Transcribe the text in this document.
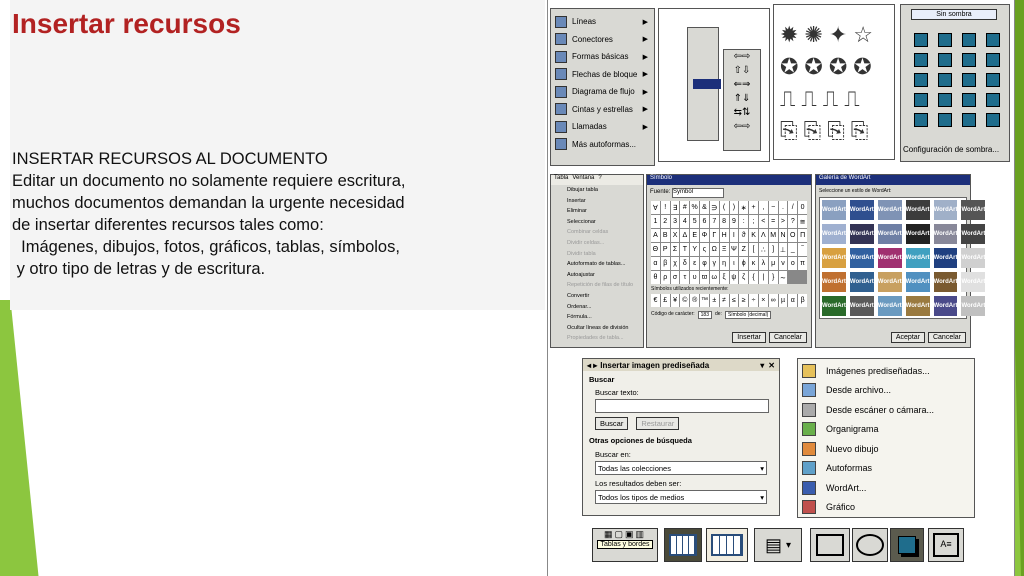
Insertar recursos
INSERTAR RECURSOS AL DOCUMENTO
Editar un documento no solamente requiere escritura,
muchos documentos demandan la urgente necesidad
de insertar diferentes recursos tales como:
Imágenes, dibujos, fotos, gráficos, tablas, símbolos,
y otro tipo de letras y de escritura.
Líneas	▶
Conectores	▶
Formas básicas ▶
Flechas de bloque ▶
Diagrama de flujo ▶
Cintas y estrellas ▶
Llamadas	▶
Más autoformas...
⇦⇨
⇧⇩
⇐⇒
⇑⇓
⇆⇅
⇦⇨
✹✺✦☆
✪✪✪✪
⎍⎍⎍⎍
⎘⎘⎘⎘
Sin sombra

Configuración de sombra...
Tabla Ventana ?
Dibujar tabla
Insertar
Eliminar
Seleccionar
Combinar celdas
Dividir celdas...
Dividir tabla
Autoformato de tablas...
Autoajustar
Repetición de filas de título
Convertir
Ordenar...
Fórmula...
Ocultar líneas de división
Propiedades de tabla...
Símbolo
Fuente: Symbol
∀ ! ∃ # % & ∋ (	) ∗ + , − .	/ 0
1 2 3 4 5 6 7 8 9 :	; < = > ? ≅
Α Β Χ Δ Ε Φ Γ Η Ι ϑ Κ Λ Μ Ν Ο Π
Θ Ρ Σ Τ Υ ς Ω Ξ Ψ Ζ [ ∴ ] ⊥ _ ‾
α β χ δ ε φ γ η	ι	ϕ κ λ μ ν ο π
θ ρ σ τ υ ϖ ω ξ ψ ζ	{	|	} ∼
Símbolos utilizados recientemente:
€ £ ¥ © ® ™ ± ≠ ≤ ≥ ÷ × ∞ µ α β
Código de carácter:	183	de:	Símbolo (decimal)
Insertar	Cancelar
Galería de WordArt
Seleccione un estilo de WordArt:
WordArt WordArt WordArt WordArt WordArt WordArt
WordArt WordArt WordArt WordArt WordArt WordArt
WordArt WordArt WordArt WordArt WordArt WordArt
WordArt WordArt WordArt WordArt WordArt WordArt
WordArt WordArt WordArt WordArt WordArt WordArt
Aceptar	Cancelar
◂ ▸ Insertar imagen prediseñada	▾ ✕
Buscar
Buscar texto:
Buscar	Restaurar
Otras opciones de búsqueda
Buscar en:
Todas las colecciones	▾
Los resultados deben ser:
Todos los tipos de medios	▾
Imágenes prediseñadas...
Desde archivo...
Desde escáner o cámara...
Organigrama
Nuevo dibujo
Autoformas
WordArt...
Gráfico
▦▢▣▥
Tablas y bordes	▤ ▾	A≡
